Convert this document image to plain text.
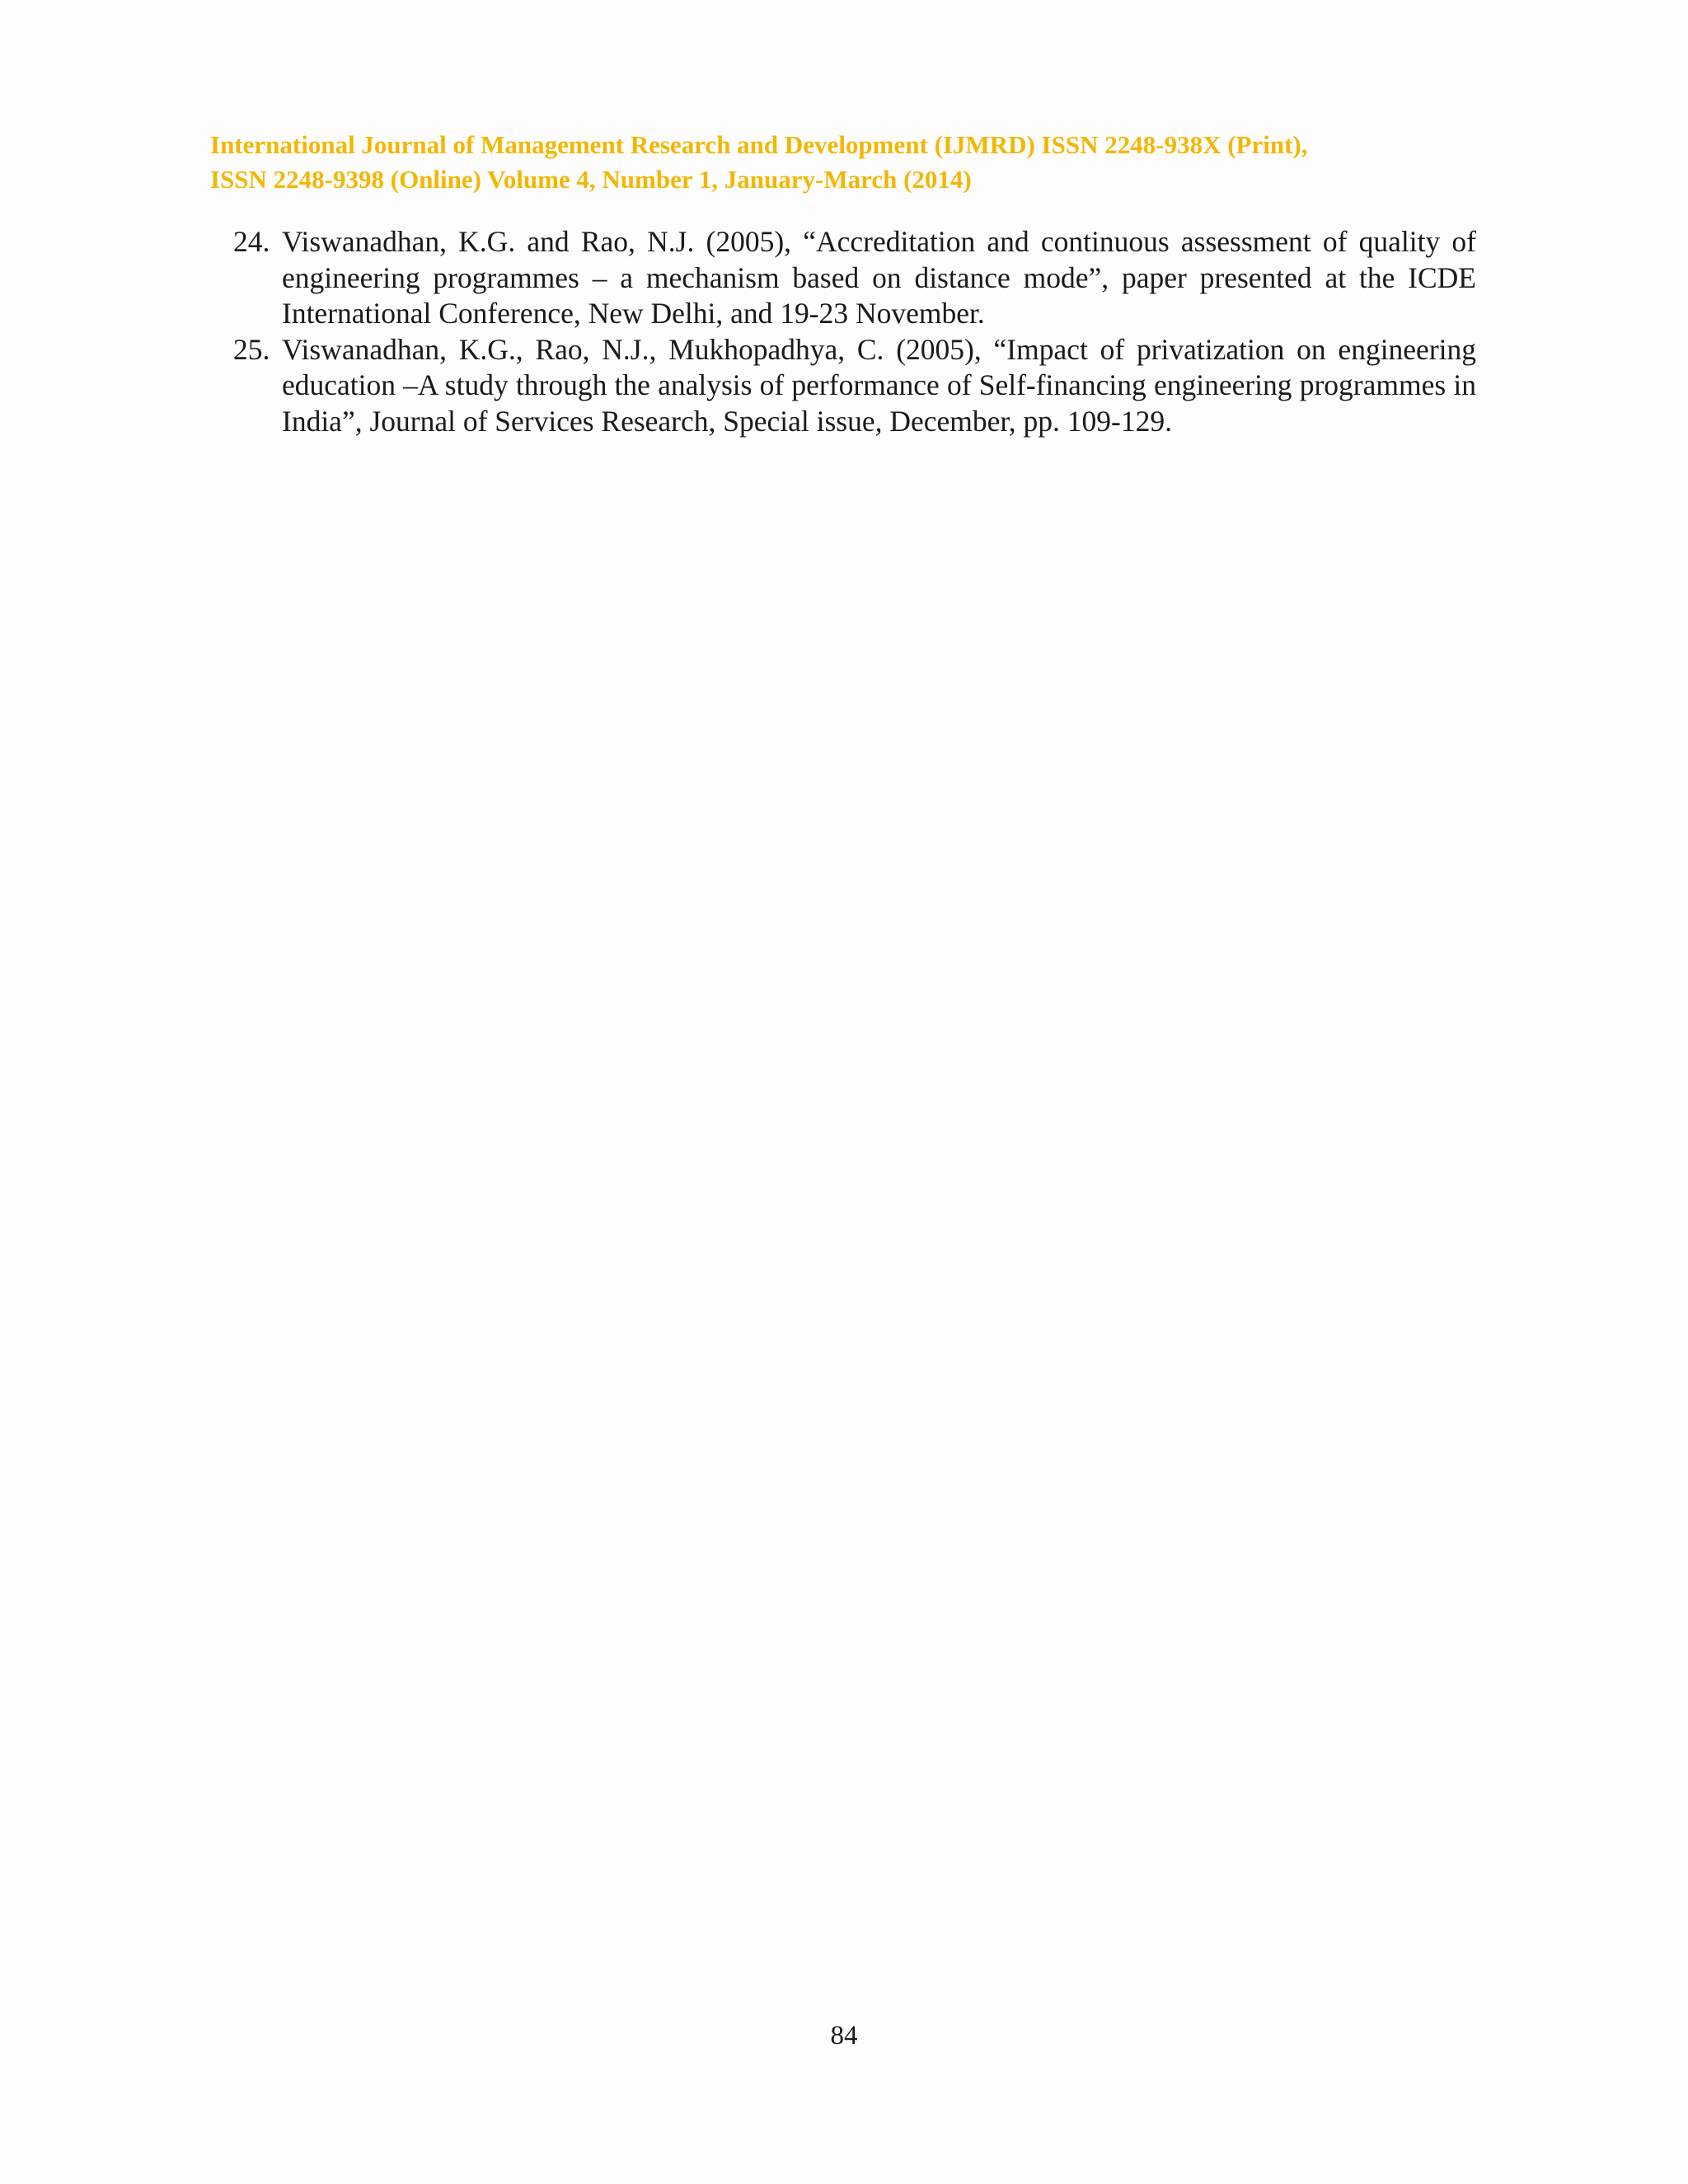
International Journal of Management Research and Development (IJMRD) ISSN 2248-938X (Print),
ISSN 2248-9398 (Online) Volume 4, Number 1, January-March (2014)
24. Viswanadhan, K.G. and Rao, N.J. (2005), “Accreditation and continuous assessment of quality of engineering programmes – a mechanism based on distance mode”, paper presented at the ICDE International Conference, New Delhi, and 19-23 November.
25. Viswanadhan, K.G., Rao, N.J., Mukhopadhya, C. (2005), “Impact of privatization on engineering education –A study through the analysis of performance of Self-financing engineering programmes in India”, Journal of Services Research, Special issue, December, pp. 109-129.
84
